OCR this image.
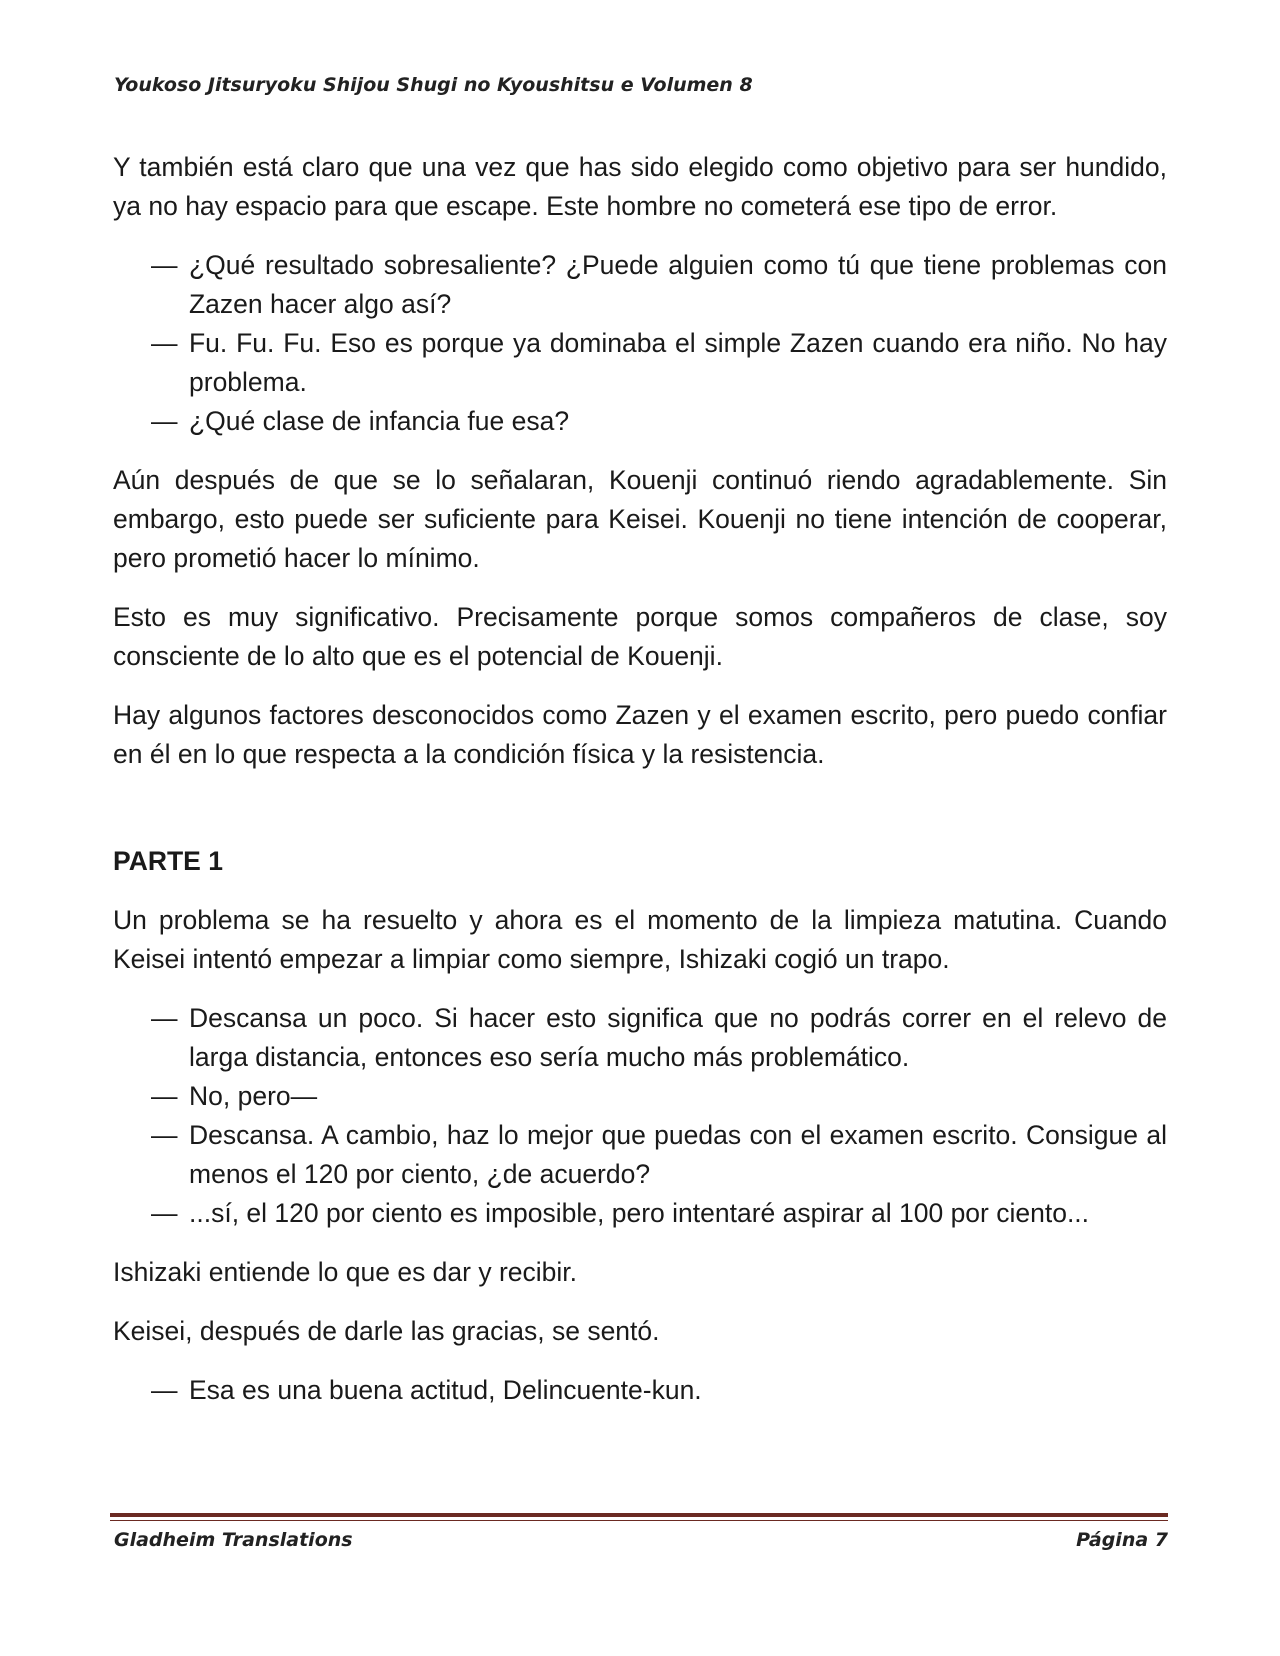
Youkoso Jitsuryoku Shijou Shugi no Kyoushitsu e Volumen 8

Y también está claro que una vez que has sido elegido como objetivo para ser hundido, ya no hay espacio para que escape. Este hombre no cometerá ese tipo de error.

— ¿Qué resultado sobresaliente? ¿Puede alguien como tú que tiene problemas con Zazen hacer algo así?
— Fu. Fu. Fu. Eso es porque ya dominaba el simple Zazen cuando era niño. No hay problema.
— ¿Qué clase de infancia fue esa?

Aún después de que se lo señalaran, Kouenji continuó riendo agradablemente. Sin embargo, esto puede ser suficiente para Keisei. Kouenji no tiene intención de cooperar, pero prometió hacer lo mínimo.

Esto es muy significativo. Precisamente porque somos compañeros de clase, soy consciente de lo alto que es el potencial de Kouenji.

Hay algunos factores desconocidos como Zazen y el examen escrito, pero puedo confiar en él en lo que respecta a la condición física y la resistencia.

PARTE 1

Un problema se ha resuelto y ahora es el momento de la limpieza matutina. Cuando Keisei intentó empezar a limpiar como siempre, Ishizaki cogió un trapo.

— Descansa un poco. Si hacer esto significa que no podrás correr en el relevo de larga distancia, entonces eso sería mucho más problemático.
— No, pero—
— Descansa. A cambio, haz lo mejor que puedas con el examen escrito. Consigue al menos el 120 por ciento, ¿de acuerdo?
— ...sí, el 120 por ciento es imposible, pero intentaré aspirar al 100 por ciento...

Ishizaki entiende lo que es dar y recibir.

Keisei, después de darle las gracias, se sentó.

— Esa es una buena actitud, Delincuente-kun.
Gladheim Translations	Página 7
